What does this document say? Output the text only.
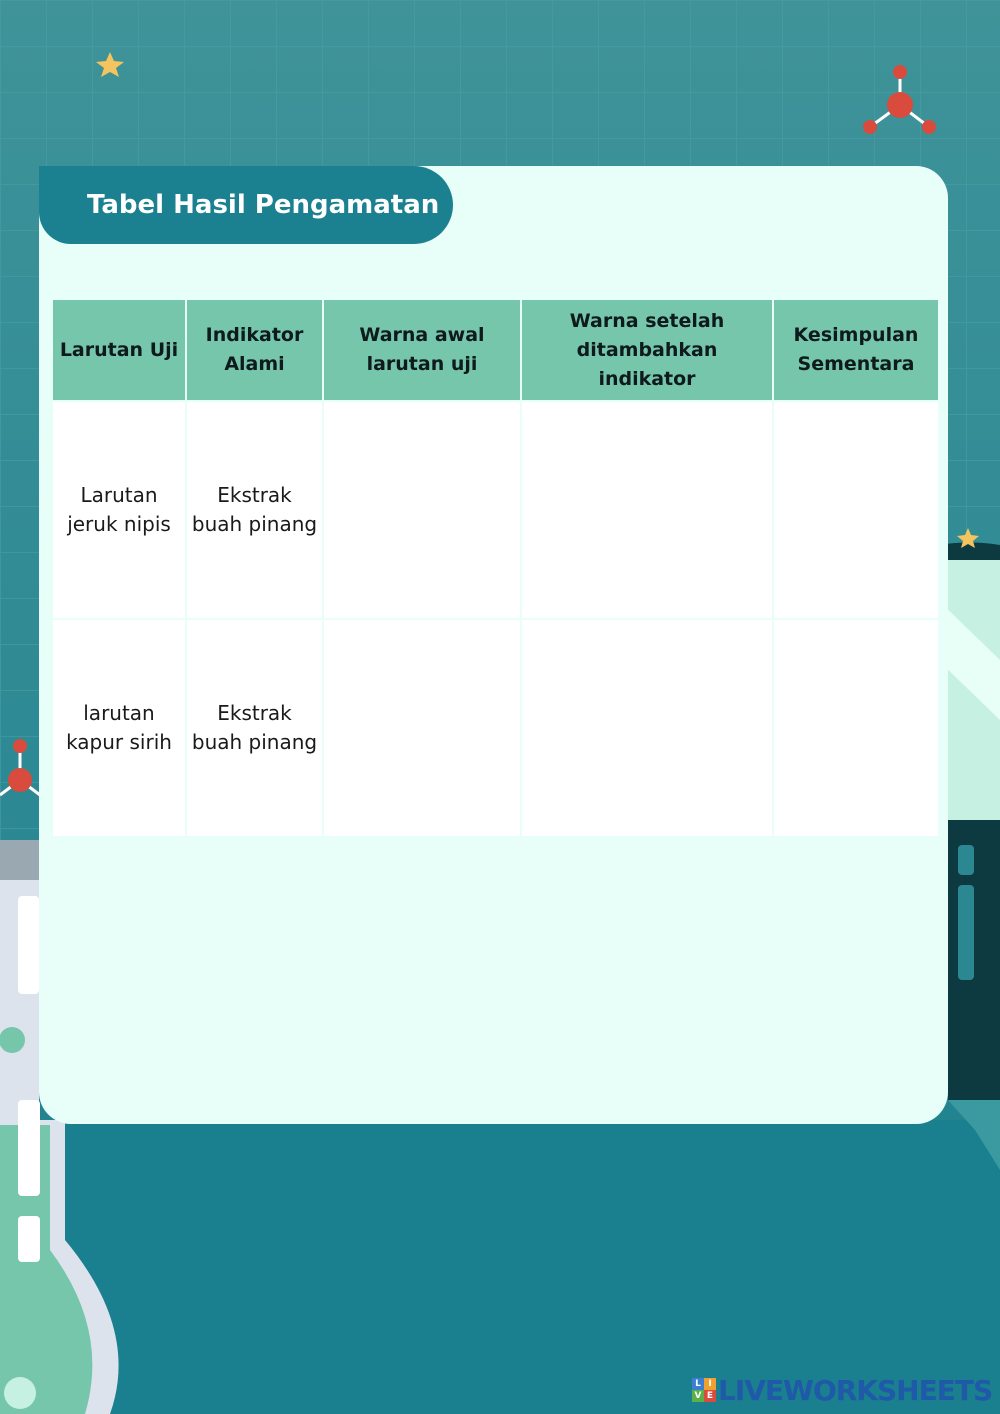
Tabel Hasil Pengamatan
Larutan Uji	Indikator Alami	Warna awal larutan uji	Warna setelah ditambahkan indikator	Kesimpulan Sementara
Larutan jeruk nipis	Ekstrak buah pinang			
larutan kapur sirih	Ekstrak buah pinang			
L I
V E LIVEWORKSHEETS
